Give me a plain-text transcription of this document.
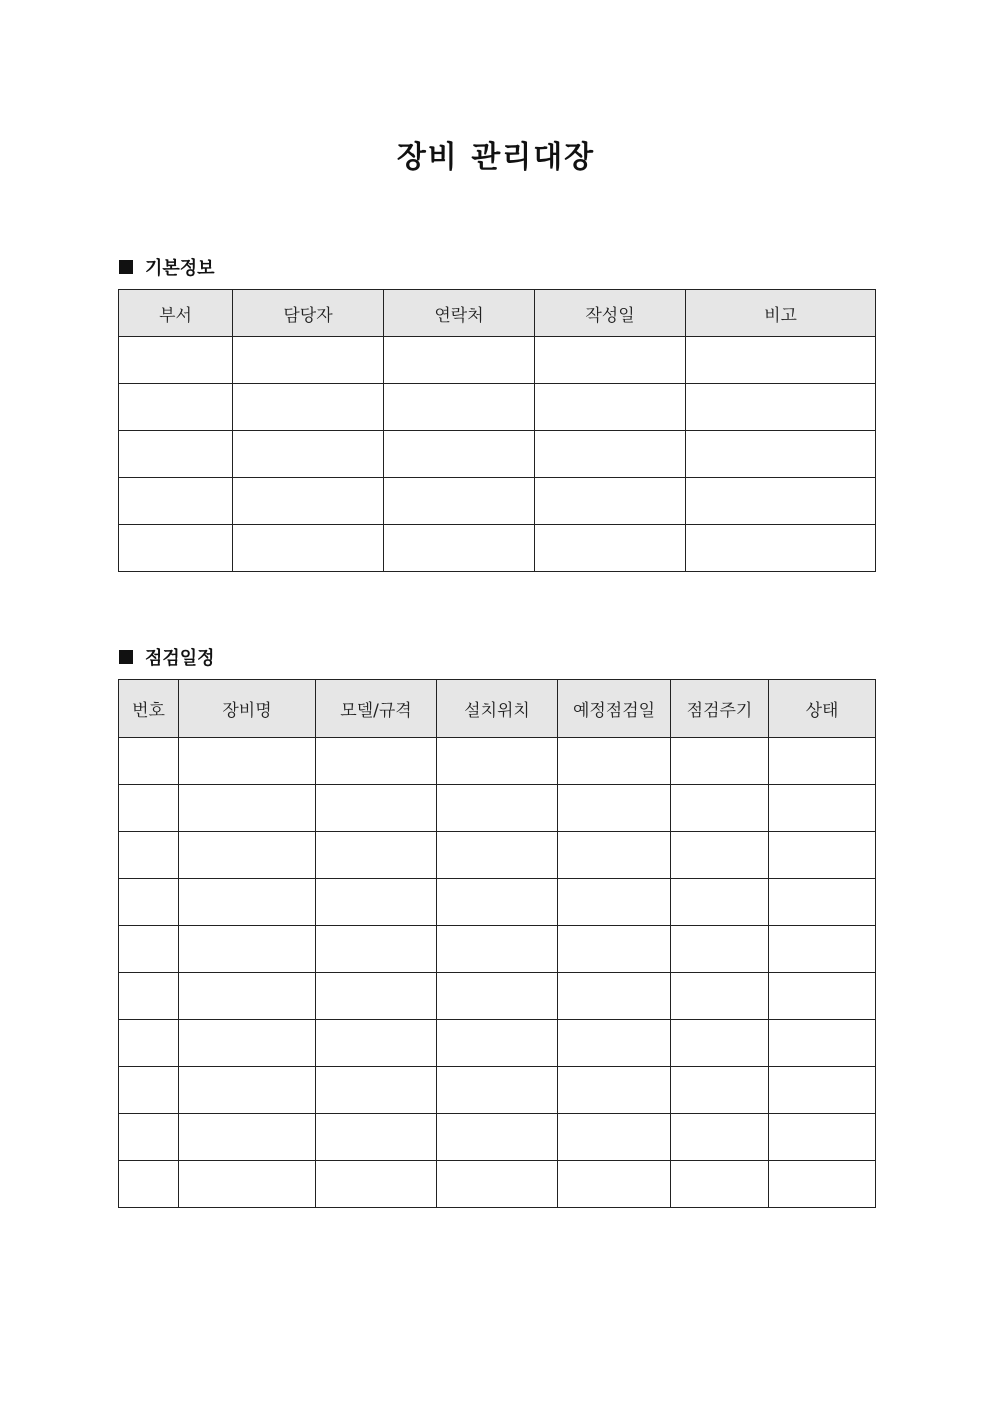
장비 관리대장
기본정보
부서	담당자	연락처	작성일	비고

점검일정
번호	장비명	모델/규격	설치위치	예정점검일	점검주기	상태
